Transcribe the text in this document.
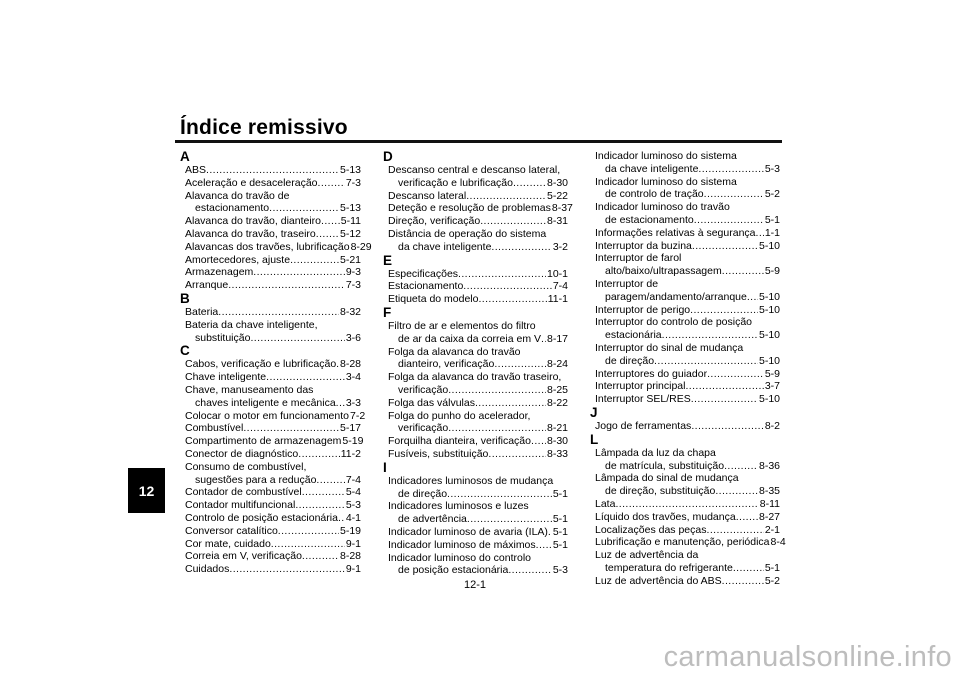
Índice remissivo
12
A
ABS .....	5-13
Aceleração e desaceleração .....	7-3
Alavanca do travão de
estacionamento .....	5-13
Alavanca do travão, dianteiro ..... 5-11
Alavanca do travão, traseiro ..... 5-12
Alavancas dos travões, lubrificação 8-29
Amortecedores, ajuste .....	5-21
Armazenagem .....	9-3
Arranque .....	7-3
B
Bateria .....	8-32
Bateria da chave inteligente,
substituição .....	3-6
C
Cabos, verificação e lubrificação ..... 8-28
Chave inteligente .....	3-4
Chave, manuseamento das
chaves inteligente e mecânica ..... 3-3
Colocar o motor em funcionamento 7-2
Combustível .....	5-17
Compartimento de armazenagem 5-19
Conector de diagnóstico .....	11-2
Consumo de combustível,
sugestões para a redução .....	7-4
Contador de combustível .....	5-4
Contador multifuncional .....	5-3
Controlo de posição estacionária ..... 4-1
Conversor catalítico .....	5-19
Cor mate, cuidado .....	9-1
Correia em V, verificação .....	8-28
Cuidados .....	9-1
D
Descanso central e descanso lateral,
verificação e lubrificação .....	8-30
Descanso lateral .....	5-22
Deteção e resolução de problemas 8-37
Direção, verificação .....	8-31
Distância de operação do sistema
da chave inteligente .....	3-2
E
Especificações .....	10-1
Estacionamento .....	7-4
Etiqueta do modelo .....	11-1
F
Filtro de ar e elementos do filtro
de ar da caixa da correia em V ..... 8-17
Folga da alavanca do travão
dianteiro, verificação .....	8-24
Folga da alavanca do travão traseiro,
verificação .....	8-25
Folga das válvulas .....	8-22
Folga do punho do acelerador,
verificação .....	8-21
Forquilha dianteira, verificação ..... 8-30
Fusíveis, substituição .....	8-33
I
Indicadores luminosos de mudança
de direção .....	5-1
Indicadores luminosos e luzes
de advertência .....	5-1
Indicador luminoso de avaria (ILA) ..... 5-1
Indicador luminoso de máximos ..... 5-1
Indicador luminoso do controlo
de posição estacionária .....	5-3
Indicador luminoso do sistema
da chave inteligente .....	5-3
Indicador luminoso do sistema
de controlo de tração .....	5-2
Indicador luminoso do travão
de estacionamento .....	5-1
Informações relativas à segurança ..... 1-1
Interruptor da buzina .....	5-10
Interruptor de farol
alto/baixo/ultrapassagem .....	5-9
Interruptor de
paragem/andamento/arranque ..... 5-10
Interruptor de perigo .....	5-10
Interruptor do controlo de posição
estacionária .....	5-10
Interruptor do sinal de mudança
de direção .....	5-10
Interruptores do guiador .....	5-9
Interruptor principal .....	3-7
Interruptor SEL/RES .....	5-10
J
Jogo de ferramentas .....	8-2
L
Lâmpada da luz da chapa
de matrícula, substituição .....	8-36
Lâmpada do sinal de mudança
de direção, substituição .....	8-35
Lata .....	8-11
Líquido dos travões, mudança ..... 8-27
Localizações das peças .....	2-1
Lubrificação e manutenção, periódica 8-4
Luz de advertência da
temperatura do refrigerante .....	5-1
Luz de advertência do ABS .....	5-2
12-1
carmanualsonline.info
